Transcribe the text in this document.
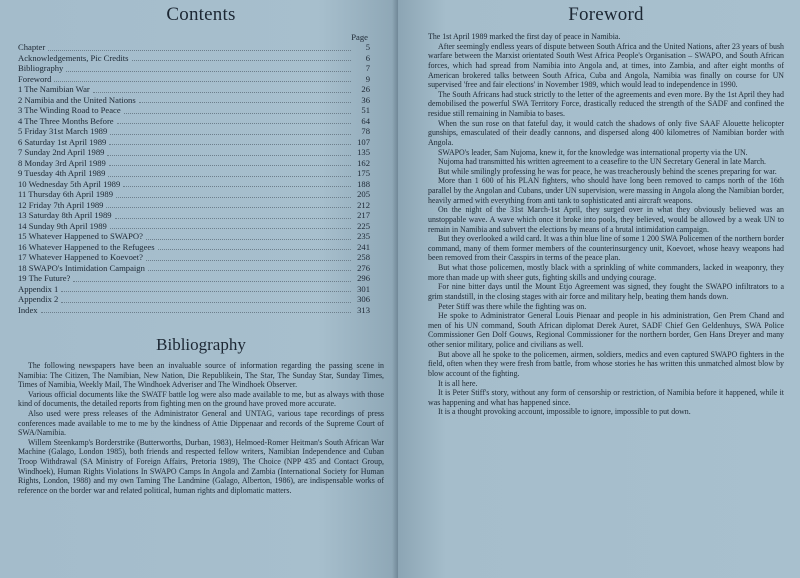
Contents
Page
Chapter	5
Acknowledgements, Pic Credits	6
Bibliography	7
Foreword	9
1 The Namibian War	26
2 Namibia and the United Nations	36
3 The Winding Road to Peace	51
4 The Three Months Before	64
5 Friday 31st March 1989	78
6 Saturday 1st April 1989	107
7 Sunday 2nd April 1989	135
8 Monday 3rd April 1989	162
9 Tuesday 4th April 1989	175
10 Wednesday 5th April 1989	188
11 Thursday 6th April 1989	205
12 Friday 7th April 1989	212
13 Saturday 8th April 1989	217
14 Sunday 9th April 1989	225
15 Whatever Happened to SWAPO?	235
16 Whatever Happened to the Refugees	241
17 Whatever Happened to Koevoet?	258
18 SWAPO's Intimidation Campaign	276
19 The Future?	296
Appendix 1	301
Appendix 2	306
Index	313
Bibliography

The following newspapers have been an invaluable source of information regarding the passing scene in Namibia: The Citizen, The Namibian, New Nation, Die Republikein, The Star, The Sunday Star, Sunday Times, Times of Namibia, Weekly Mail, The Windhoek Adveriser and The Windhoek Observer.

Various official documents like the SWATF battle log were also made available to me, but as always with those kind of documents, the detailed reports from fighting men on the ground have proved more accurate.

Also used were press releases of the Administrator General and UNTAG, various tape recordings of press conferences made available to me to me by the kindness of Attie Dippenaar and records of the Supreme Court of SWA/Namibia.

Willem Steenkamp's Borderstrike (Butterworths, Durban, 1983), Helmoed-Romer Heitman's South African War Machine (Galago, London 1985), both friends and respected fellow writers, Namibian Independence and Cuban Troop Withdrawal (SA Ministry of Foreign Affairs, Pretoria 1989), The Choice (NPP 435 and Contact Group, Windhoek), Human Rights Violations In SWAPO Camps In Angola and Zambia (International Society for Human Rights, London, 1988) and my own Taming The Landmine (Galago, Alberton, 1986), are indispensable works of reference on the border war and related political, human rights and diplomatic matters.

Foreword

The 1st April 1989 marked the first day of peace in Namibia.

After seemingly endless years of dispute between South Africa and the United Nations, after 23 years of bush warfare between the Marxist orientated South West Africa People's Organisation – SWAPO, and South African forces, which had spread from Namibia into Angola and, at times, into Zambia, and after eight months of American brokered talks between South Africa, Cuba and Angola, Namibia was finally on course for UN supervised 'free and fair elections' in November 1989, which would lead to independence in 1990.

The South Africans had stuck strictly to the letter of the agreements and even more. By the 1st April they had demobilised the powerful SWA Territory Force, drastically reduced the strength of the SADF and confined the residue still remaining in Namibia to bases.

When the sun rose on that fateful day, it would catch the shadows of only five SAAF Alouette helicopter gunships, emasculated of their deadly cannons, and dispersed along 400 kilometres of Namibian border with Angola.

SWAPO's leader, Sam Nujoma, knew it, for the knowledge was international property via the UN.

Nujoma had transmitted his written agreement to a ceasefire to the UN Secretary General in late March.

But while smilingly professing he was for peace, he was treacherously behind the scenes preparing for war.

More than 1 600 of his PLAN fighters, who should have long been removed to camps north of the 16th parallel by the Angolan and Cubans, under UN supervision, were massing in Angola along the Namibian border, heavily armed with everything from anti tank to sophisticated anti aircraft weapons.

On the night of the 31st March-1st April, they surged over in what they obviously believed was an unstoppable wave. A wave which once it broke into pools, they believed, would be allowed by a weak UN to remain in Namibia and subvert the elections by means of a brutal intimidation campaign.

But they overlooked a wild card. It was a thin blue line of some 1 200 SWA Policemen of the northern border command, many of them former members of the counterinsurgency unit, Koevoet, whose heavy weapons had been removed from their Casspirs in terms of the peace plan.

But what those policemen, mostly black with a sprinkling of white commanders, lacked in weaponry, they more than made up with sheer guts, fighting skills and undying courage.

For nine bitter days until the Mount Etjo Agreement was signed, they fought the SWAPO infiltrators to a grim standstill, in the closing stages with air force and military help, beating them hands down.

Peter Stiff was there while the fighting was on.

He spoke to Administrator General Louis Pienaar and people in his administration, Gen Prem Chand and men of his UN command, South African diplomat Derek Auret, SADF Chief Gen Geldenhuys, SWA Police Commissioner Gen Dolf Gouws, Regional Commissioner for the northern border, Gen Hans Dreyer and many other senior military, police and civilians as well.

But above all he spoke to the policemen, airmen, soldiers, medics and even captured SWAPO fighters in the field, often when they were fresh from battle, from whose stories he has written this unmatched almost blow by blow account of the fighting.

It is all here.

It is Peter Stiff's story, without any form of censorship or restriction, of Namibia before it happened, while it was happening and what has happened since.

It is a thought provoking account, impossible to ignore, impossible to put down.
